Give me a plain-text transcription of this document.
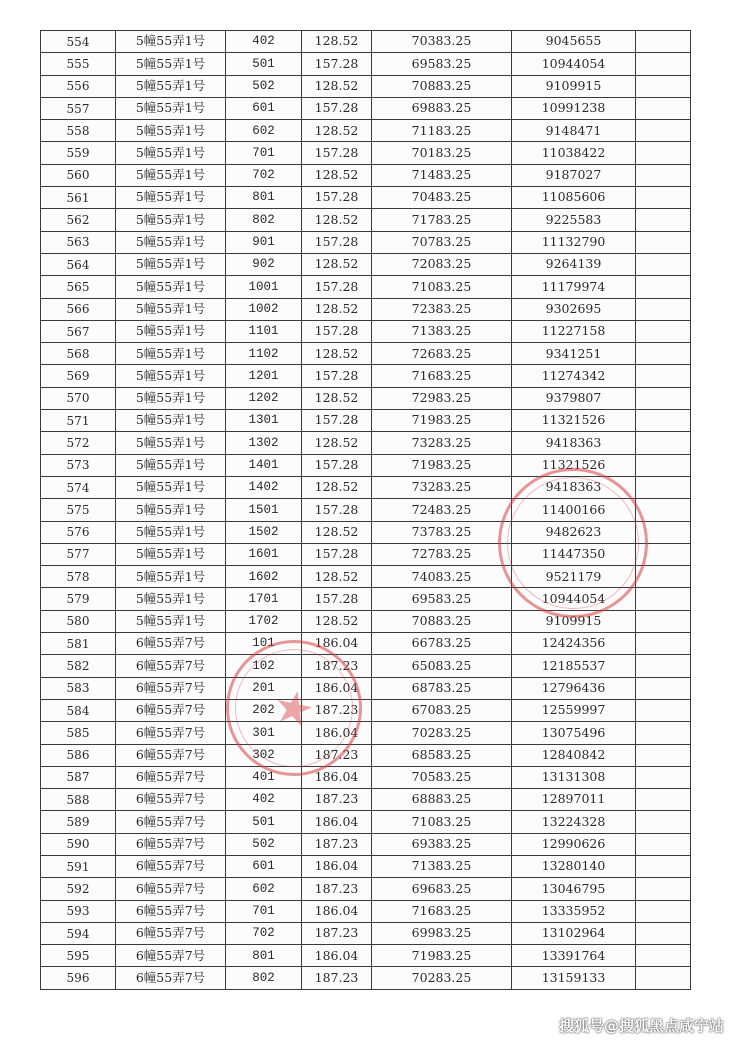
554	5幢55弄1号	402	128.52	70383.25	9045655	
555	5幢55弄1号	501	157.28	69583.25	10944054	
556	5幢55弄1号	502	128.52	70883.25	9109915	
557	5幢55弄1号	601	157.28	69883.25	10991238	
558	5幢55弄1号	602	128.52	71183.25	9148471	
559	5幢55弄1号	701	157.28	70183.25	11038422	
560	5幢55弄1号	702	128.52	71483.25	9187027	
561	5幢55弄1号	801	157.28	70483.25	11085606	
562	5幢55弄1号	802	128.52	71783.25	9225583	
563	5幢55弄1号	901	157.28	70783.25	11132790	
564	5幢55弄1号	902	128.52	72083.25	9264139	
565	5幢55弄1号	1001	157.28	71083.25	11179974	
566	5幢55弄1号	1002	128.52	72383.25	9302695	
567	5幢55弄1号	1101	157.28	71383.25	11227158	
568	5幢55弄1号	1102	128.52	72683.25	9341251	
569	5幢55弄1号	1201	157.28	71683.25	11274342	
570	5幢55弄1号	1202	128.52	72983.25	9379807	
571	5幢55弄1号	1301	157.28	71983.25	11321526	
572	5幢55弄1号	1302	128.52	73283.25	9418363	
573	5幢55弄1号	1401	157.28	71983.25	11321526	
574	5幢55弄1号	1402	128.52	73283.25	9418363	
575	5幢55弄1号	1501	157.28	72483.25	11400166	
576	5幢55弄1号	1502	128.52	73783.25	9482623	
577	5幢55弄1号	1601	157.28	72783.25	11447350	
578	5幢55弄1号	1602	128.52	74083.25	9521179	
579	5幢55弄1号	1701	157.28	69583.25	10944054	
580	5幢55弄1号	1702	128.52	70883.25	9109915	
581	6幢55弄7号	101	186.04	66783.25	12424356	
582	6幢55弄7号	102	187.23	65083.25	12185537	
583	6幢55弄7号	201	186.04	68783.25	12796436	
584	6幢55弄7号	202	187.23	67083.25	12559997	
585	6幢55弄7号	301	186.04	70283.25	13075496	
586	6幢55弄7号	302	187.23	68583.25	12840842	
587	6幢55弄7号	401	186.04	70583.25	13131308	
588	6幢55弄7号	402	187.23	68883.25	12897011	
589	6幢55弄7号	501	186.04	71083.25	13224328	
590	6幢55弄7号	502	187.23	69383.25	12990626	
591	6幢55弄7号	601	186.04	71383.25	13280140	
592	6幢55弄7号	602	187.23	69683.25	13046795	
593	6幢55弄7号	701	186.04	71683.25	13335952	
594	6幢55弄7号	702	187.23	69983.25	13102964	
595	6幢55弄7号	801	186.04	71983.25	13391764	
596	6幢55弄7号	802	187.23	70283.25	13159133	
★
搜狐号@搜狐黑点咸宁站
